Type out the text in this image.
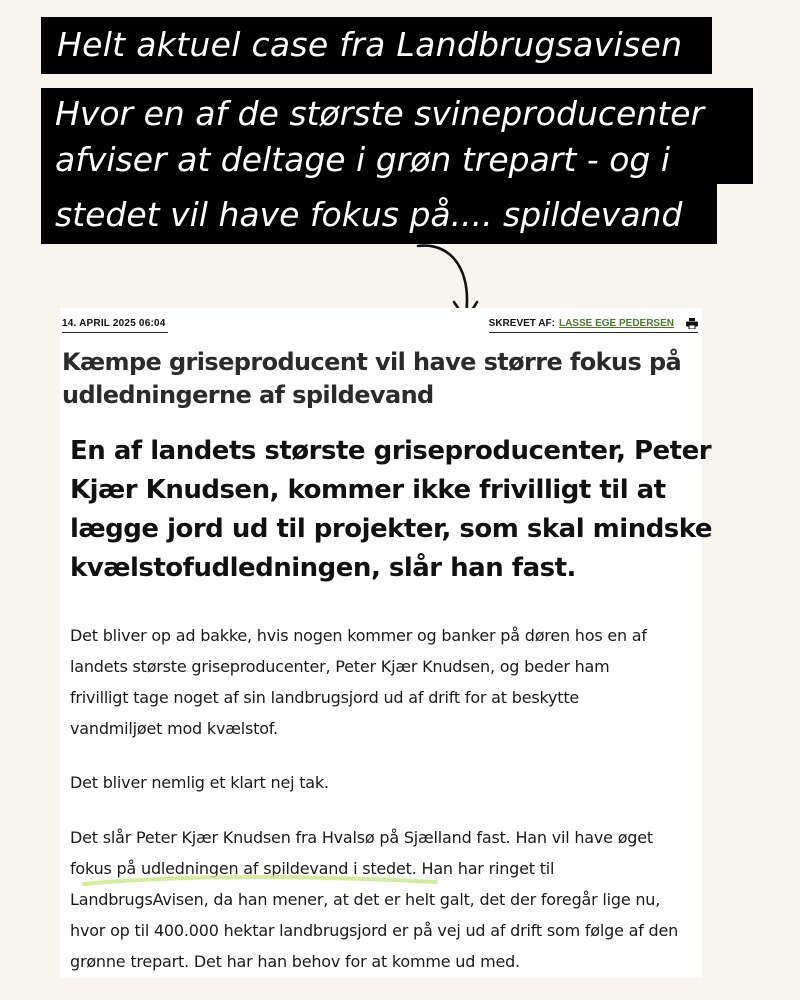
Helt aktuel case fra Landbrugsavisen
Hvor en af de største svineproducenter
afviser at deltage i grøn trepart - og i
stedet vil have fokus på.... spildevand
14. APRIL 2025 06:04	SKREVET AF: LASSE EGE PEDERSEN
Kæmpe griseproducent vil have større fokus på
udledningerne af spildevand

En af landets største griseproducenter, Peter
Kjær Knudsen, kommer ikke frivilligt til at
lægge jord ud til projekter, som skal mindske
kvælstofudledningen, slår han fast.

Det bliver op ad bakke, hvis nogen kommer og banker på døren hos en af
landets største griseproducenter, Peter Kjær Knudsen, og beder ham
frivilligt tage noget af sin landbrugsjord ud af drift for at beskytte
vandmiljøet mod kvælstof.

Det bliver nemlig et klart nej tak.

Det slår Peter Kjær Knudsen fra Hvalsø på Sjælland fast. Han vil have øget
fokus på udledningen af spildevand i stedet. Han har ringet til
LandbrugsAvisen, da han mener, at det er helt galt, det der foregår lige nu,
hvor op til 400.000 hektar landbrugsjord er på vej ud af drift som følge af den
grønne trepart. Det har han behov for at komme ud med.
